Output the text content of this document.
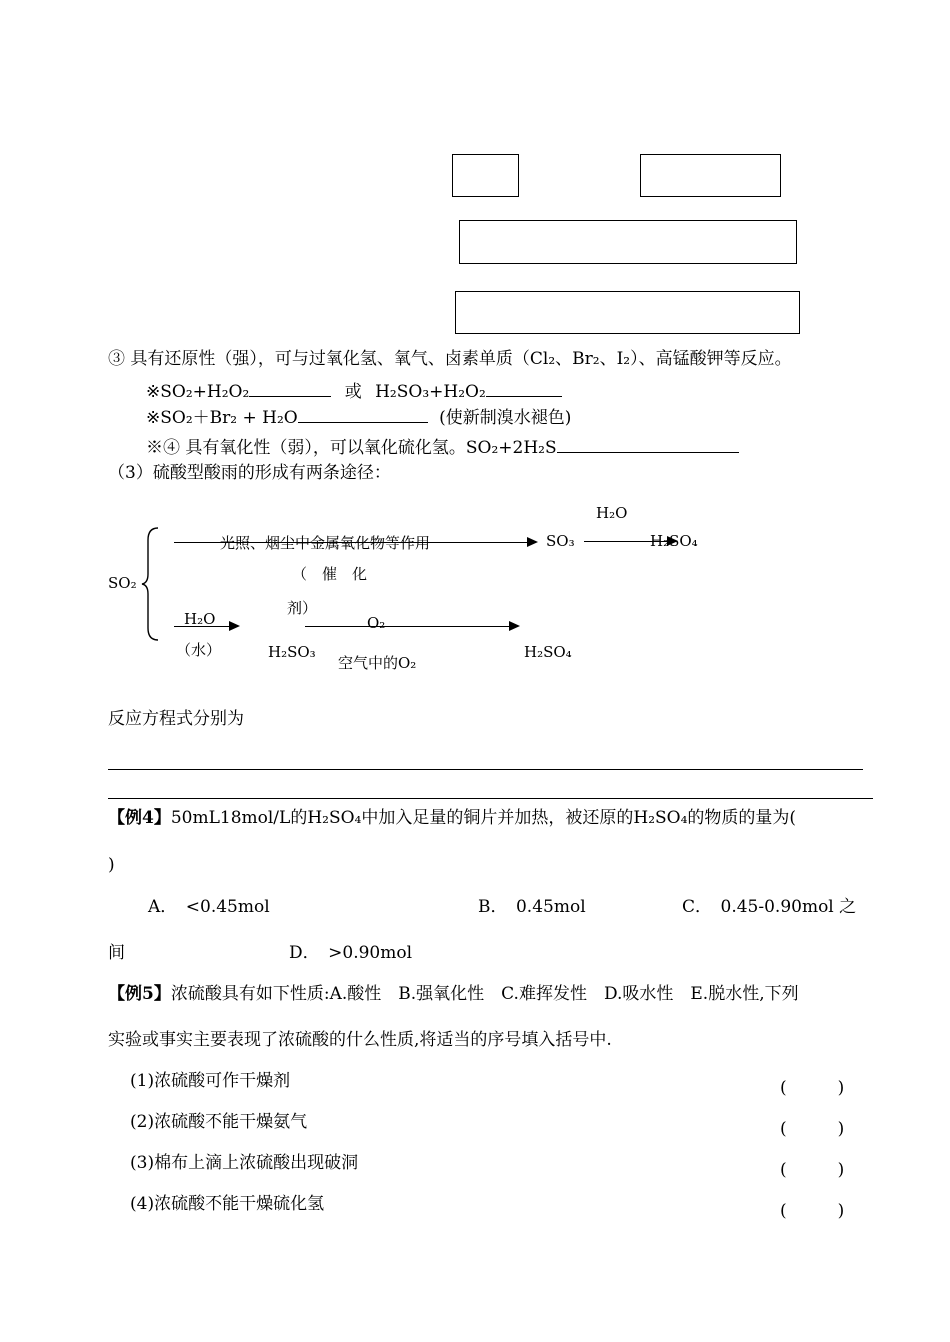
③ 具有还原性（强），可与过氧化氢、氧气、卤素单质（Cl₂、Br₂、I₂）、高锰酸钾等反应。
※SO₂+H₂O₂	或 H₂SO₃+H₂O₂
※SO₂＋Br₂ + H₂O	(使新制溴水褪色)
※④ 具有氧化性（弱），可以氧化硫化氢。SO₂+2H₂S
（3）硫酸型酸雨的形成有两条途径：
H₂O
SO₂
光照、烟尘中金属氧化物等作用	SO₃	H₂SO₄
（　催　化
剂）
H₂O	O₂
（水）	H₂SO₃	H₂SO₄
空气中的O₂
反应方程式分别为
【例4】50mL18mol/L的H₂SO₄中加入足量的铜片并加热，被还原的H₂SO₄的物质的量为(
)
A．　<0.45mol	B．　0.45mol	C．　0.45-0.90mol 之
间	D．　>0.90mol
【例5】浓硫酸具有如下性质:A.酸性　B.强氧化性　C.难挥发性　D.吸水性　E.脱水性,下列
实验或事实主要表现了浓硫酸的什么性质,将适当的序号填入括号中.
(1)浓硫酸可作干燥剂	(　　　)
(2)浓硫酸不能干燥氨气	(　　　)
(3)棉布上滴上浓硫酸出现破洞	(　　　)
(4)浓硫酸不能干燥硫化氢	(　　　)
